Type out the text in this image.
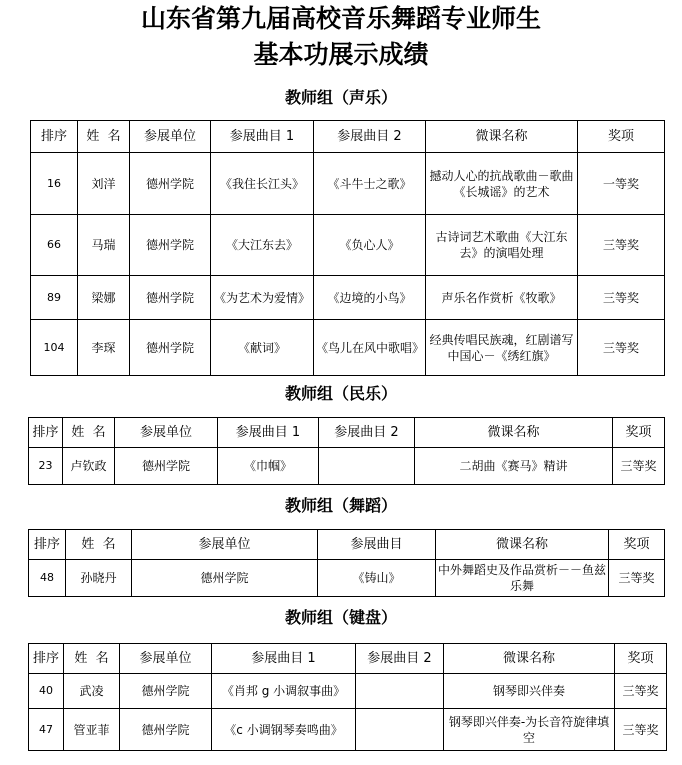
山东省第九届高校音乐舞蹈专业师生
基本功展示成绩
教师组（声乐）
排序	姓  名	参展单位	参展曲目 1	参展曲目 2	微课名称	奖项
16	刘洋	德州学院	《我住长江头》	《斗牛士之歌》	撼动人心的抗战歌曲－歌曲《长城谣》的艺术	一等奖
66	马瑞	德州学院	《大江东去》	《负心人》	古诗词艺术歌曲《大江东去》的演唱处理	三等奖
89	梁娜	德州学院	《为艺术为爱情》	《边境的小鸟》	声乐名作赏析《牧歌》	三等奖
104	李琛	德州学院	《献词》	《鸟儿在风中歌唱》	经典传唱民族魂，红剧谱写中国心－《绣红旗》	三等奖
教师组（民乐）
排序	姓  名	参展单位	参展曲目 1	参展曲目 2	微课名称	奖项
23	卢钦政	德州学院	《巾帼》		二胡曲《赛马》精讲	三等奖
教师组（舞蹈）
排序	姓  名	参展单位	参展曲目	微课名称	奖项
48	孙晓丹	德州学院	《铸山》	中外舞蹈史及作品赏析－－鱼兹乐舞	三等奖
教师组（键盘）
排序	姓  名	参展单位	参展曲目 1	参展曲目 2	微课名称	奖项
40	武凌	德州学院	《肖邦 g 小调叙事曲》		钢琴即兴伴奏	三等奖
47	管亚菲	德州学院	《c 小调钢琴奏鸣曲》		钢琴即兴伴奏-为长音符旋律填空	三等奖
